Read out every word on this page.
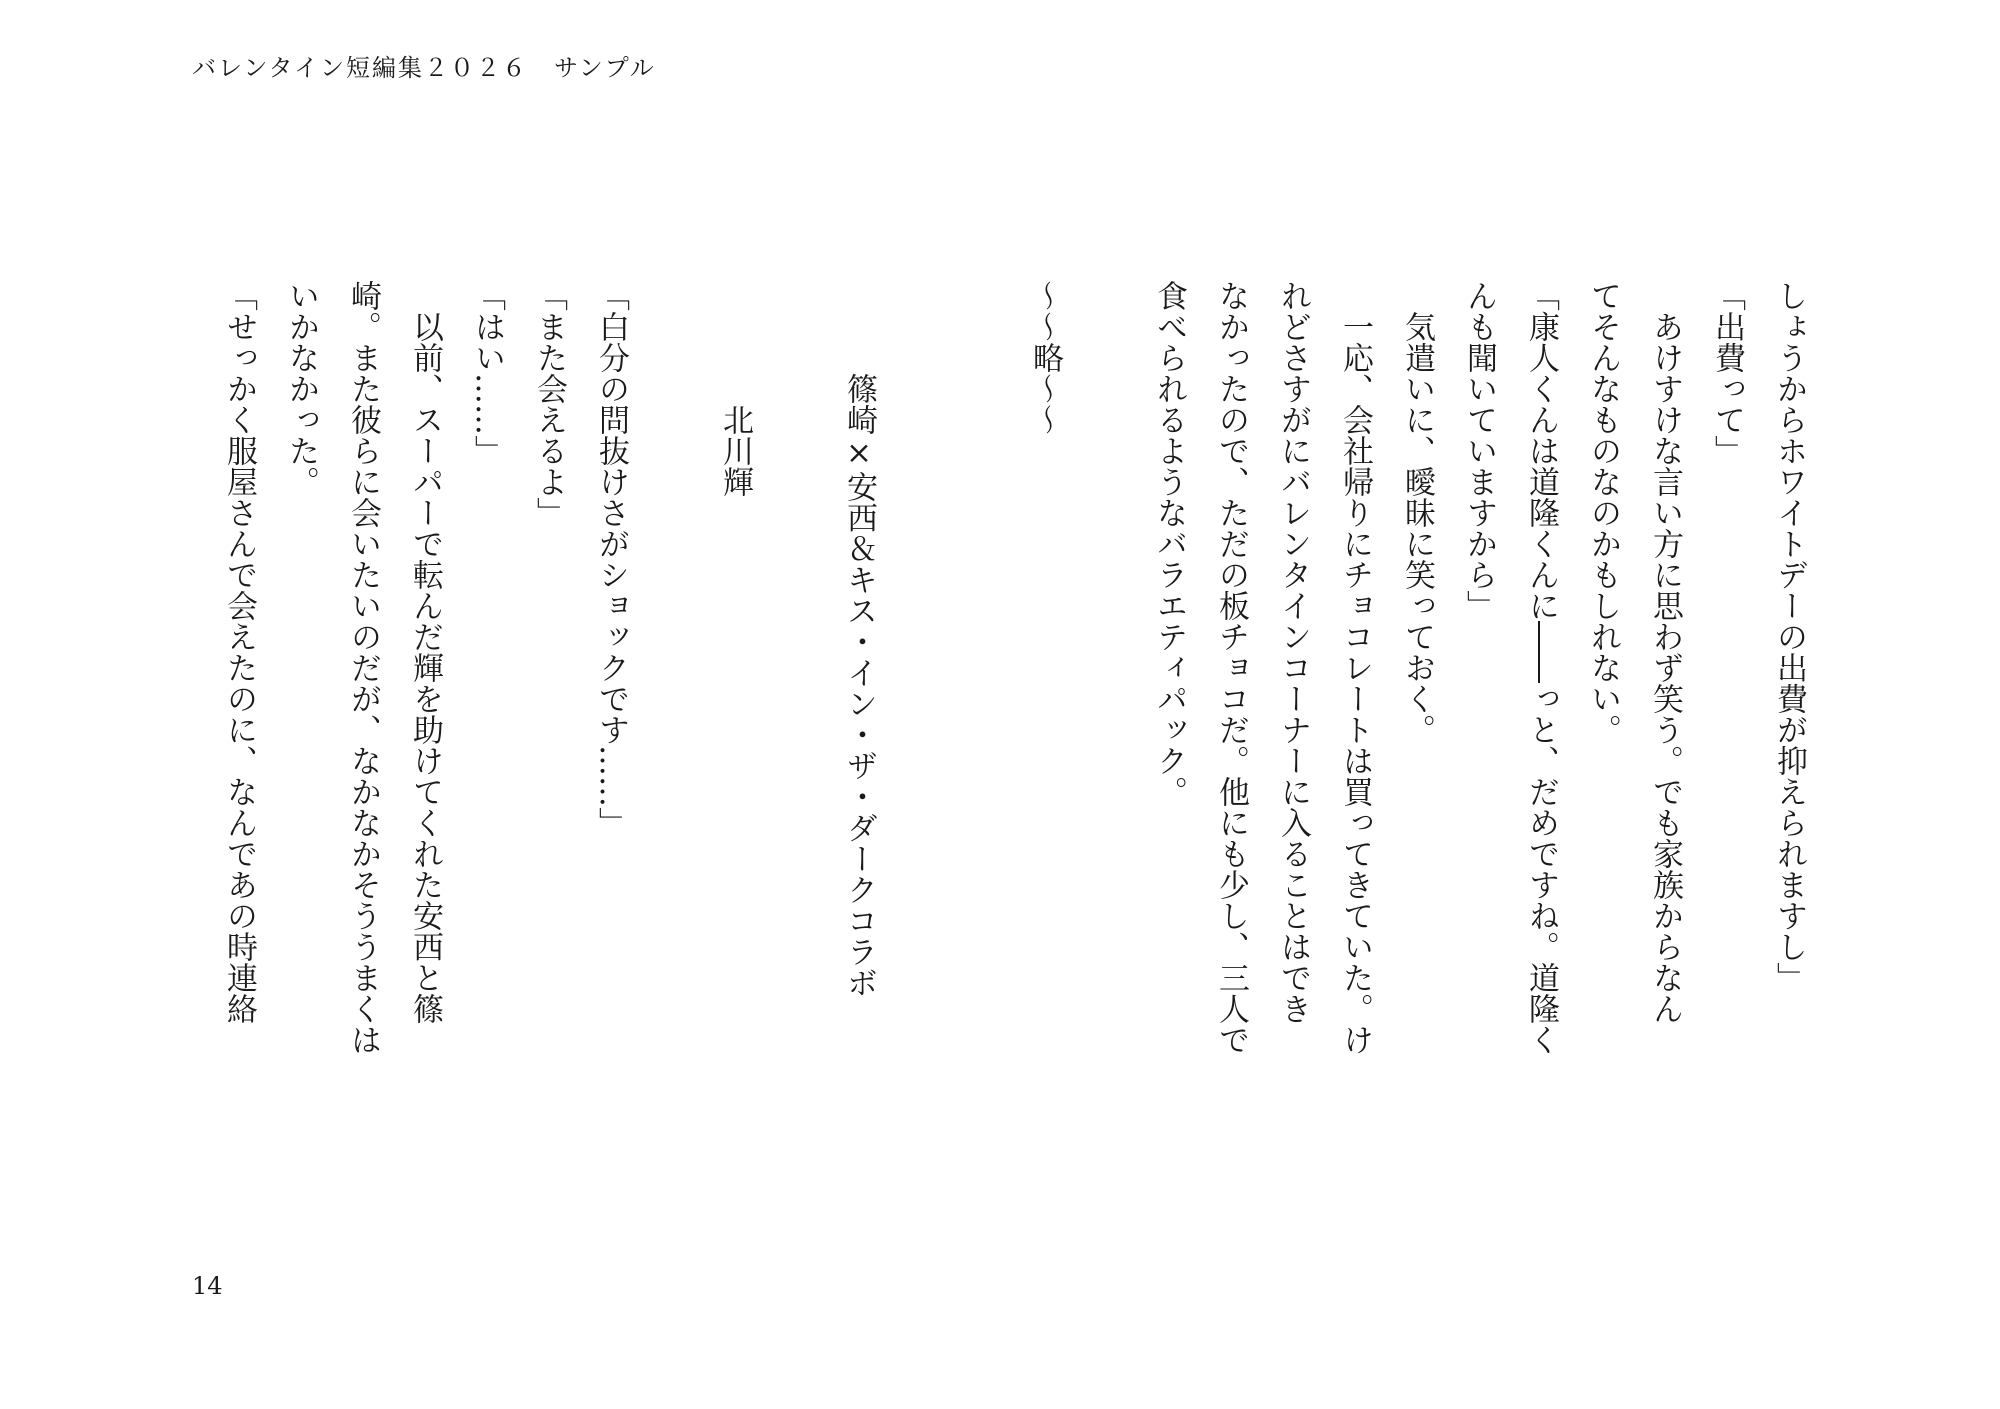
バレンタイン短編集２０２６　サンプル

しょうからホワイトデーの出費が抑えられますし」

「出費って」

　あけすけな言い方に思わず笑う。でも家族からなん

てそんなものなのかもしれない。

「康人くんは道隆くんに――っと、だめですね。道隆く

んも聞いていますから」

　気遣いに、曖昧に笑っておく。

　一応、会社帰りにチョコレートは買ってきていた。け

れどさすがにバレンタインコーナーに入ることはでき

なかったので、ただの板チョコだ。他にも少し、三人で

食べられるようなバラエティパック。

〜〜略〜〜

篠崎×安西＆キス・イン・ザ・ダークコラボ

北川輝

「白分の問抜けさがショックです……」

「また会えるよ」

「はい……」

　以前、スーパーで転んだ輝を助けてくれた安西と篠

崎。また彼らに会いたいのだが、なかなかそううまくは

いかなかった。

「せっかく服屋さんで会えたのに、なんであの時連絡

14
